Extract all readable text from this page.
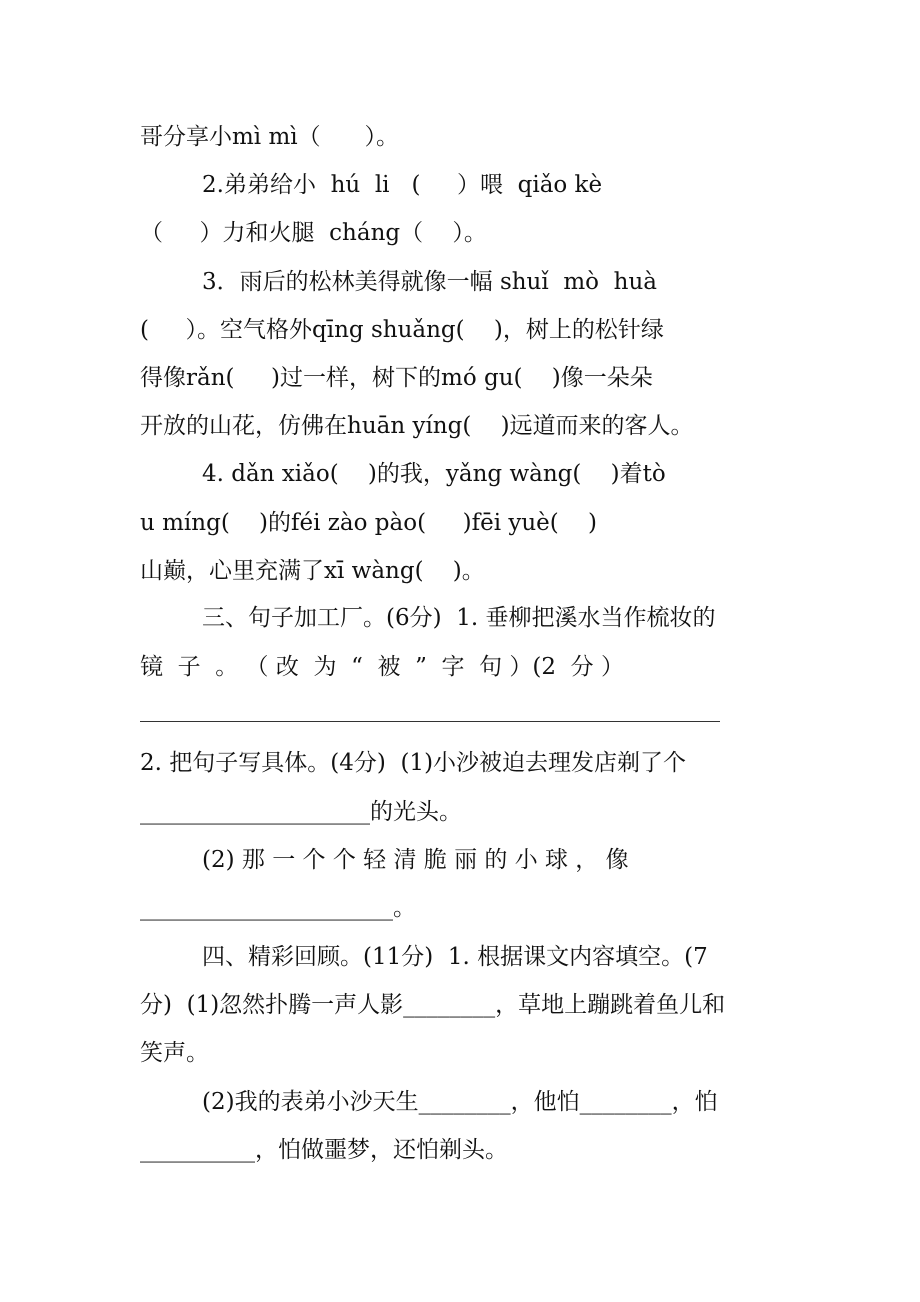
哥分享小mì mì（      ）。
2.弟弟给小  hú  li   (     ）喂  qiǎo kè
（     ）力和火腿  cháng（    ）。
3．雨后的松林美得就像一幅 shuǐ  mò  huà
(     ）。空气格外qīng shuǎng(    )，树上的松针绿
得像rǎn(     )过一样，树下的mó gu(    )像一朵朵
开放的山花，仿佛在huān yíng(    )远道而来的客人。
4. dǎn xiǎo(    )的我，yǎng wàng(    )着tò
u míng(    )的féi zào pào(     )fēi yuè(    )
山巅，心里充满了xī wàng(    )。
三、句子加工厂。(6分)  1. 垂柳把溪水当作梳妆的
镜  子  。 （ 改  为  “  被  ”  字  句 ）(2  分 ）
2. 把句子写具体。(4分)  (1)小沙被迫去理发店剃了个
____________________的光头。
(2) 那 一 个 个 轻 清 脆 丽 的 小 球 ， 像
______________________。
四、精彩回顾。(11分)  1. 根据课文内容填空。(7
分)  (1)忽然扑腾一声人影________，草地上蹦跳着鱼儿和
笑声。
(2)我的表弟小沙天生________，他怕________，怕
__________，怕做噩梦，还怕剃头。
